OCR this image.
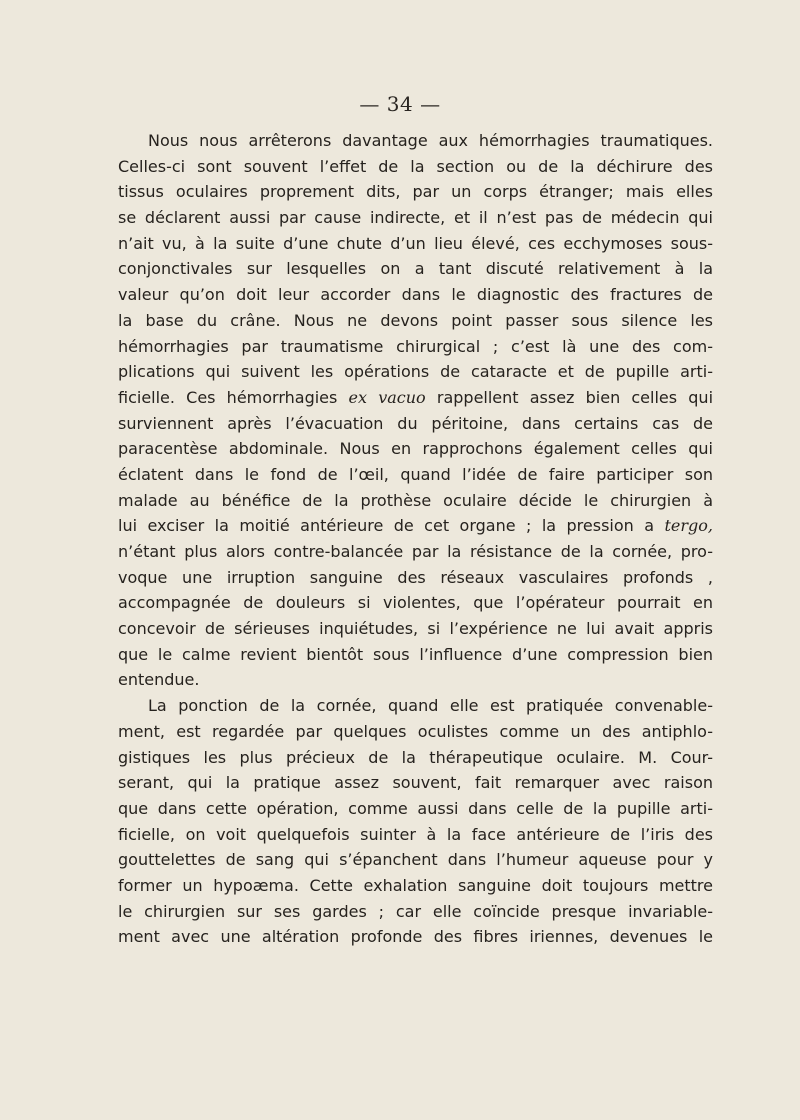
— 34 —
Nous nous arrêterons davantage aux hémorrhagies traumatiques.
Celles-ci sont souvent l’effet de la section ou de la déchirure des
tissus oculaires proprement dits, par un corps étranger; mais elles
se déclarent aussi par cause indirecte, et il n’est pas de médecin qui
n’ait vu, à la suite d’une chute d’un lieu élevé, ces ecchymoses sous-
conjonctivales sur lesquelles on a tant discuté relativement à la
valeur qu’on doit leur accorder dans le diagnostic des fractures de
la base du crâne. Nous ne devons point passer sous silence les
hémorrhagies par traumatisme chirurgical ; c’est là une des com-
plications qui suivent les opérations de cataracte et de pupille arti-
ficielle. Ces hémorrhagies ex vacuo rappellent assez bien celles qui
surviennent après l’évacuation du péritoine, dans certains cas de
paracentèse abdominale. Nous en rapprochons également celles qui
éclatent dans le fond de l’œil, quand l’idée de faire participer son
malade au bénéfice de la prothèse oculaire décide le chirurgien à
lui exciser la moitié antérieure de cet organe ; la pression a tergo,
n’étant plus alors contre-balancée par la résistance de la cornée, pro-
voque une irruption sanguine des réseaux vasculaires profonds ,
accompagnée de douleurs si violentes, que l’opérateur pourrait en
concevoir de sérieuses inquiétudes, si l’expérience ne lui avait appris
que le calme revient bientôt sous l’influence d’une compression bien
entendue.
La ponction de la cornée, quand elle est pratiquée convenable-
ment, est regardée par quelques oculistes comme un des antiphlo-
gistiques les plus précieux de la thérapeutique oculaire. M. Cour-
serant, qui la pratique assez souvent, fait remarquer avec raison
que dans cette opération, comme aussi dans celle de la pupille arti-
ficielle, on voit quelquefois suinter à la face antérieure de l’iris des
gouttelettes de sang qui s’épanchent dans l’humeur aqueuse pour y
former un hypoæma. Cette exhalation sanguine doit toujours mettre
le chirurgien sur ses gardes ; car elle coïncide presque invariable-
ment avec une altération profonde des fibres iriennes, devenues le
